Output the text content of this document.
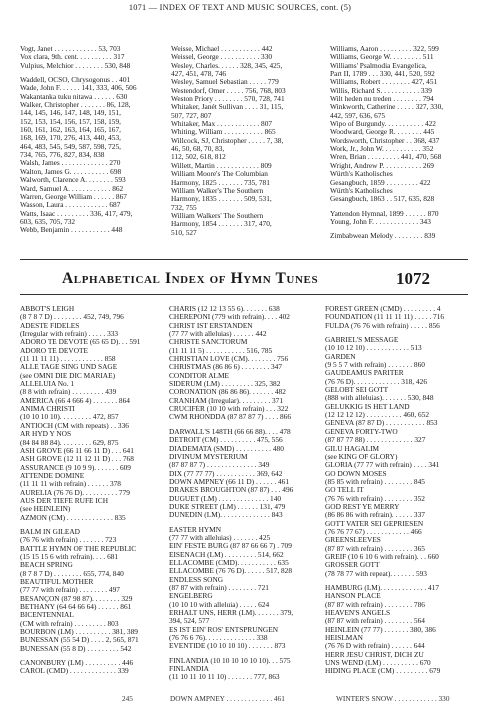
1071 — INDEX OF TEXT AND MUSIC SOURCES, cont. (5)
Vogt, Janet . . . . . . . . . . . . 53, 703
Vox clara, 9th. cent. . . . . . . . . . 317
Vulpius, Melchior . . . . . . . . 530, 848
Waddell, OCSO, Chrysogonus . . 401
Wade, John F. . . . . . 141, 333, 406, 506
Wakantanka tuku nitawa . . . . . . 630
Walker, Christopher . . . . . . . 86, 128,
144, 145, 146, 147, 148, 149, 151,
152, 153, 154, 156, 157, 158, 159,
160, 161, 162, 163, 164, 165, 167,
168, 169, 170, 276, 413, 440, 453,
464, 483, 545, 549, 587, 598, 725,
734, 765, 776, 827, 834, 838
Walsh, James . . . . . . . . . . . . . 270
Walton, James G. . . . . . . . . . . 698
Walworth, Clarence A. . . . . . . . 593
Ward, Samuel A. . . . . . . . . . . . 862
Warren, George William . . . . . . 867
Wasson, Laura . . . . . . . . . . . . 687
Watts, Isaac . . . . . . . . . 336, 417, 479,
603, 635, 705, 732
Webb, Benjamin . . . . . . . . . . . 448
Weisse, Michael . . . . . . . . . . . 442
Weissel, George . . . . . . . . . . . 330
Wesley, Charles. . . . . . 328, 345, 425,
427, 451, 478, 746
Wesley, Samuel Sebastian . . . . . 779
Westendorf, Omer . . . . . 756, 768, 803
Weston Priory . . . . . . . . 570, 728, 741
Whitaker, Janét Sullivan . . . . 31, 115,
507, 727, 807
Whitaker, Max . . . . . . . . . . . . 807
Whiting, William . . . . . . . . . . . 865
Willcock, SJ, Christopher . . . . . 7, 38,
46, 50, 68, 70, 83,
112, 502, 618, 812
Willett, Martin . . . . . . . . . . . . 809
William Moore's The Columbian
Harmony, 1825 . . . . . . . 735, 781
William Walker's The Southern
Harmony, 1835 . . . . . . . 509, 531,
732, 755
William Walkers' The Southern
Harmony, 1854 . . . . . . . 317, 470,
510, 527
Williams, Aaron . . . . . . . . . 322, 599
Williams, George W. . . . . . . . . 511
Williams' Psalmodia Evangelica,
Part II, 1789 . . . 330, 441, 520, 592
Williams, Robert . . . . . . . . 427, 451
Willis, Richard S. . . . . . . . . . . 339
Wilt heden nu treden . . . . . . . . 794
Winkworth, Catherine . . . . . 327, 330,
442, 597, 636, 675
Wipo of Burgundy. . . . . . . . . . . 422
Woodward, George R. . . . . . . . 445
Wordsworth, Christopher . . 368, 437
Work, Jr., John W. . . . . . . . . . . 352
Wren, Brian . . . . . . . . . 441, 470, 568
Wright, Andrew P. . . . . . . . . . . 269
Würth's Katholisches
Gesangbuch, 1859 . . . . . . . . . 422
Würth's Katholisches
Gesangbuch, 1863 . . 517, 635, 828
Yattendon Hymnal, 1899 . . . . . . 870
Young, John F. . . . . . . . . . . . . 343
Zimbabwean Melody . . . . . . . . 839
Alphabetical Index of Hymn Tunes	1072
ABBOT'S LEIGH
(8 7 8 7 D) . . . . . . . . 452, 749, 796
ADESTE FIDELES
(Irregular with refrain) . . . . . 333
ADORO TE DEVOTE (65 65 D). . . 591
ADORO TE DEVOTE
(11 11 11 11) . . . . . . . . . . . . 858
ALLE TAGE SING UND SAGE
(see OMNI DIE DIC MARIAE)
ALLELUIA No. 1
(8 8 with refrain) . . . . . . . . . 439
AMERICA (66 4 666 4) . . . . . . . 864
ANIMA CHRISTI
(10 10 10 10). . . . . . . . . 472, 857
ANTIOCH (CM with repeats) . . 336
AR HYD Y NOS
(84 84 88 84). . . . . . . . . 629, 875
ASH GROVE (66 11 66 11 D) . . . 641
ASH GROVE (12 11 12 11 D) . . . 768
ASSURANCE (9 10 9 9). . . . . . . 609
ATTENDE DOMINE
(11 11 11 with refrain) . . . . . . 378
AURELIA (76 76 D). . . . . . . . . . 779
AUS DER TIEFE RUFE ICH
(see HEINLEIN)
AZMON (CM) . . . . . . . . . . . . . 835
BALM IN GILEAD
(76 76 with refrain) . . . . . . . 723
BATTLE HYMN OF THE REPUBLIC
(15 15 15 6 with refrain). . . . 681
BEACH SPRING
(8 7 8 7 D) . . . . . . . . 655, 774, 840
BEAUTIFUL MOTHER
(77 77 with refrain) . . . . . . . . 497
BESANÇON (87 98 87). . . . . . . . 329
BETHANY (64 64 66 64) . . . . . . 861
BICENTENNIAL
(CM with refrain) . . . . . . . . . 803
BOURBON (LM) . . . . . . . . . . 381, 389
BUNESSAN (55 54 D) . . . . 2, 565, 871
BUNESSAN (55 8 D) . . . . . . . . . 542
CANONBURY (LM) . . . . . . . . . . 446
CAROL (CMD) . . . . . . . . . . . . . 339
CHARIS (12 12 13 55 6). . . . . . . 638
CHEREPONI (779 with refrain). . . . 402
CHRIST IST ERSTANDEN
(77 77 with alleluias) . . . . . . 442
CHRISTE SANCTORUM
(11 11 11 5) . . . . . . . . . . . 516, 785
CHRISTIAN LOVE (CM). . . . . . . . 756
CHRISTMAS (86 86 6) . . . . . . . . 347
CONDITOR ALME
SIDERUM (LM) . . . . . . . . . 325, 382
CORONATION (86 86 86). . . . . . . 482
CRANHAM (Irregular). . . . . . . . . 371
CRUCIFER (10 10 with refrain) . . . 322
CWM RHONDDA (87 87 87 7) . . . . 866
DARWALL'S 148TH (66 66 88). . . . 478
DETROIT (CM) . . . . . . . . . . 475, 556
DIADEMATA (SMD) . . . . . . . . . . 480
DIVINUM MYSTERIUM
(87 87 87 7) . . . . . . . . . . . . . . 349
DIX (77 77 77) . . . . . . . . . . . 369, 642
DOWN AMPNEY (66 11 D) . . . . . . 461
DRAKES BROUGHTON (87 87) . . . 496
DUGUET (LM) . . . . . . . . . . . . . . 140
DUKE STREET (LM) . . . . . . 131, 479
DUNEDIN (LM). . . . . . . . . . . . . . 843
EASTER HYMN
(77 77 with alleluias) . . . . . . . 425
EIN' FESTE BURG (87 87 66 66 7) . 709
EISENACH (LM) . . . . . . . . . 514, 662
ELLACOMBE (CMD). . . . . . . . . . . 635
ELLACOMBE (76 76 D). . . . . . 517, 828
ENDLESS SONG
(87 87 with refrain) . . . . . . . . 721
ENGELBERG
(10 10 10 with alleluia) . . . . . 624
ERHALT UNS, HERR (LM). . . . . . . 379,
394, 524, 577
ES IST EIN' ROS' ENTSPRUNGEN
(76 76 6 76). . . . . . . . . . . . . . 338
EVENTIDE (10 10 10 10) . . . . . . . 873
FINLANDIA (10 10 10 10 10 10). . . 575
FINLANDIA
(11 10 11 10 11 10) . . . . . . . 777, 863
FOREST GREEN (CMD) . . . . . . . . . 4
FOUNDATION (11 11 11 11) . . . . . 716
FULDA (76 76 with refrain) . . . . . 856
GABRIEL'S MESSAGE
(10 10 12 10) . . . . . . . . . . . . 513
GARDEN
(9 5 5 7 with refrain) . . . . . . . 860
GAUDEAMUS PARITER
(76 76 D). . . . . . . . . . . . . 318, 426
GELOBT SEI GOTT
(888 with alleluias). . . . . . . 530, 848
GELUKKIG IS HET LAND
(12 12 12 12) . . . . . . . . . . 460, 652
GENEVA (87 87 D) . . . . . . . . . . . 853
GENEVA FORTY-TWO
(87 87 77 88) . . . . . . . . . . . . . 327
GILU HAGALIM
(see KING OF GLORY)
GLORIA (77 77 with refrain) . . . . 341
GO DOWN MOSES
(85 85 with refrain) . . . . . . . . 845
GO TELL IT
(76 76 with refrain) . . . . . . . . 352
GOD REST YE MERRY
(86 86 86 with refrain). . . . . . 337
GOTT VATER SEI GEPRIESEN
(76 76 77 67) . . . . . . . . . . . . 466
GREENSLEEVES
(87 87 with refrain) . . . . . . . . 365
GREIF (10 6 10 6 with refrain). . . 660
GROSSER GOTT
(78 78 77 with repeat). . . . . . . 593
HAMBURG (LM). . . . . . . . . . . . . 417
HANSON PLACE
(87 87 with refrain) . . . . . . . . 786
HEAVEN'S ANGELS
(87 87 with refrain) . . . . . . . . 564
HEINLEIN (77 77) . . . . . . . 380, 386
HEISLMAN
(76 76 D with refrain) . . . . . . 644
HERR JESU CHRIST, DICH ZU
UNS WEND (LM) . . . . . . . . . . 670
HIDING PLACE (CM) . . . . . . . . . 679
245	DOWN AMPNEY . . . . . . . . . . . . . 461	WINTER'S SNOW . . . . . . . . . . . . 330
